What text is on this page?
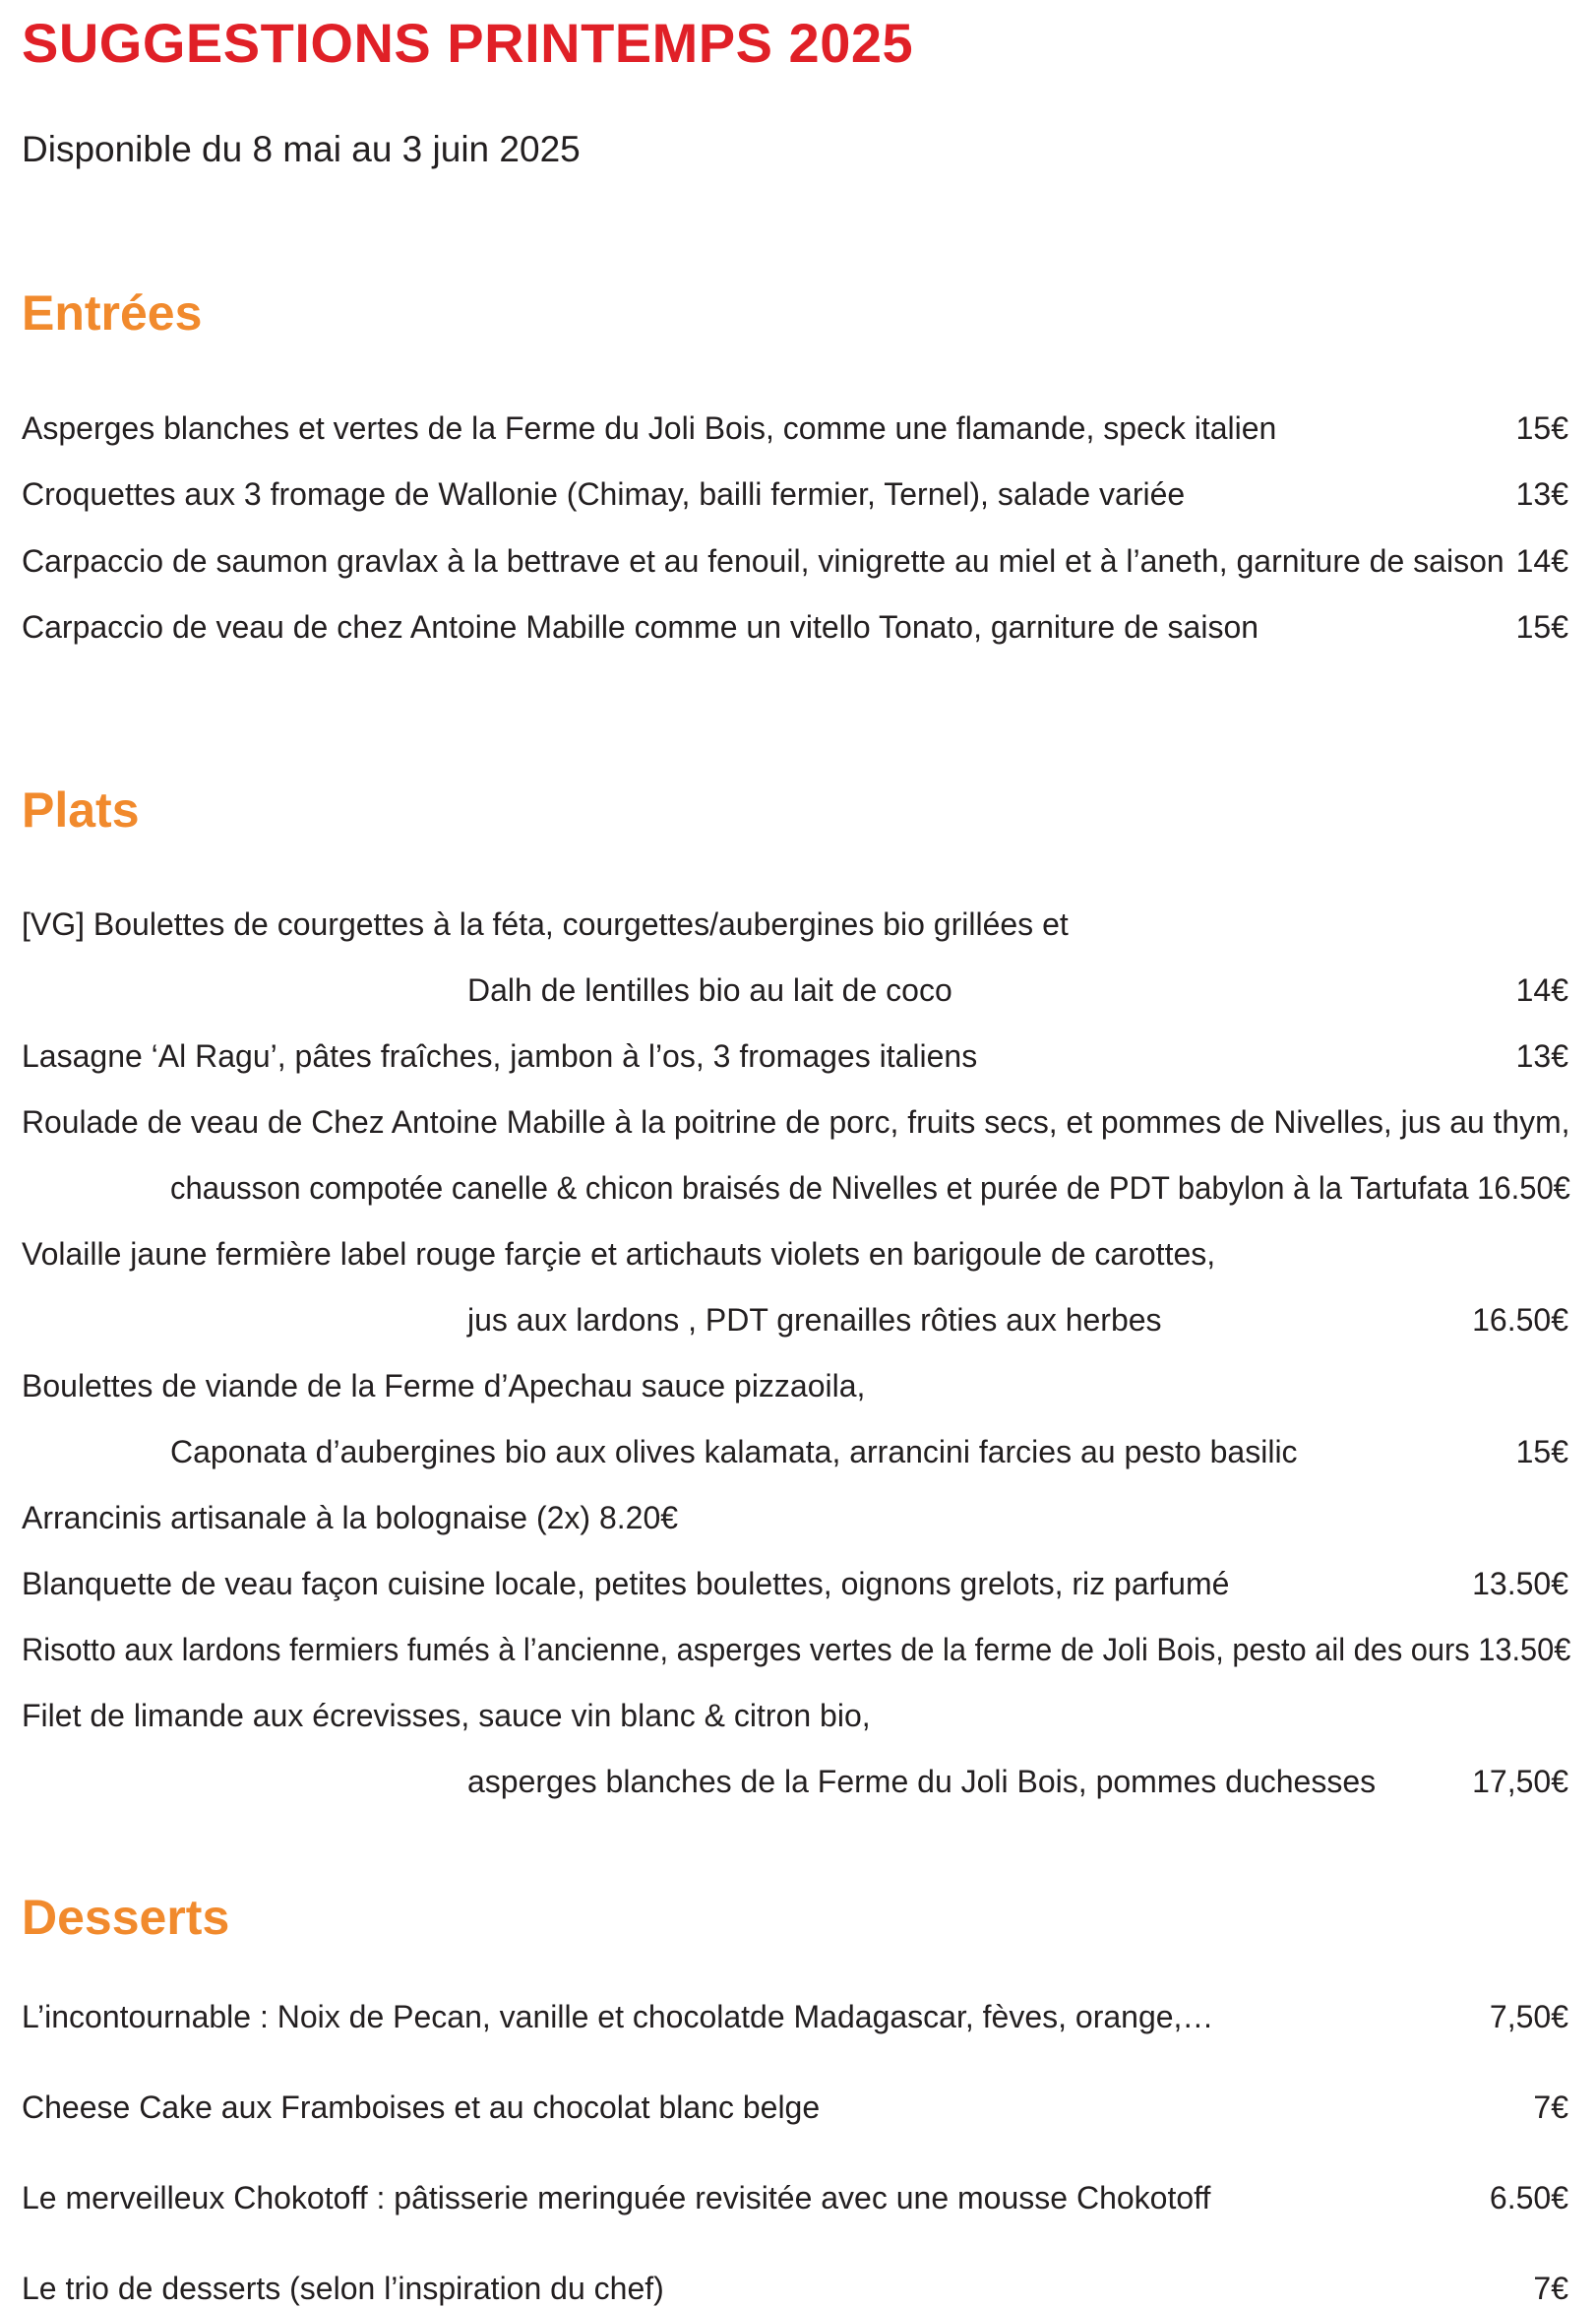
SUGGESTIONS PRINTEMPS 2025
Disponible du 8 mai au 3 juin 2025
Entrées
Asperges blanches et vertes de la Ferme du Joli Bois, comme une flamande, speck italien	15€
Croquettes aux 3 fromage de Wallonie (Chimay, bailli fermier, Ternel), salade variée	13€
Carpaccio de saumon gravlax à la bettrave et au fenouil, vinigrette au miel et à l’aneth, garniture de saison 14€
Carpaccio de veau de chez Antoine Mabille comme un vitello Tonato, garniture de saison	15€
Plats
[VG] Boulettes de courgettes à la féta, courgettes/aubergines bio grillées et
Dalh de lentilles bio au lait de coco	14€
Lasagne ‘Al Ragu’, pâtes fraîches, jambon à l’os, 3 fromages italiens	13€
Roulade de veau de Chez Antoine Mabille à la poitrine de porc, fruits secs, et pommes de Nivelles, jus au thym,
chausson compotée canelle & chicon braisés de Nivelles et purée de PDT babylon à la Tartufata 16.50€
Volaille jaune fermière label rouge farçie et artichauts violets en barigoule de carottes,
jus aux lardons , PDT grenailles rôties aux herbes	16.50€
Boulettes de viande de la Ferme d’Apechau sauce pizzaoila,
Caponata d’aubergines bio aux olives kalamata, arrancini farcies au pesto basilic	15€
Arrancinis artisanale à la bolognaise (2x) 8.20€
Blanquette de veau façon cuisine locale, petites boulettes, oignons grelots, riz parfumé	13.50€
Risotto aux lardons fermiers fumés à l’ancienne, asperges vertes de la ferme de Joli Bois, pesto ail des ours 13.50€
Filet de limande aux écrevisses, sauce vin blanc & citron bio,
asperges blanches de la Ferme du Joli Bois, pommes duchesses	17,50€
Desserts
L’incontournable : Noix de Pecan, vanille et chocolatde Madagascar, fèves, orange,…	7,50€
Cheese Cake aux Framboises et au chocolat blanc belge	7€
Le merveilleux Chokotoff : pâtisserie meringuée revisitée avec une mousse Chokotoff	6.50€
Le trio de desserts (selon l’inspiration du chef)	7€
